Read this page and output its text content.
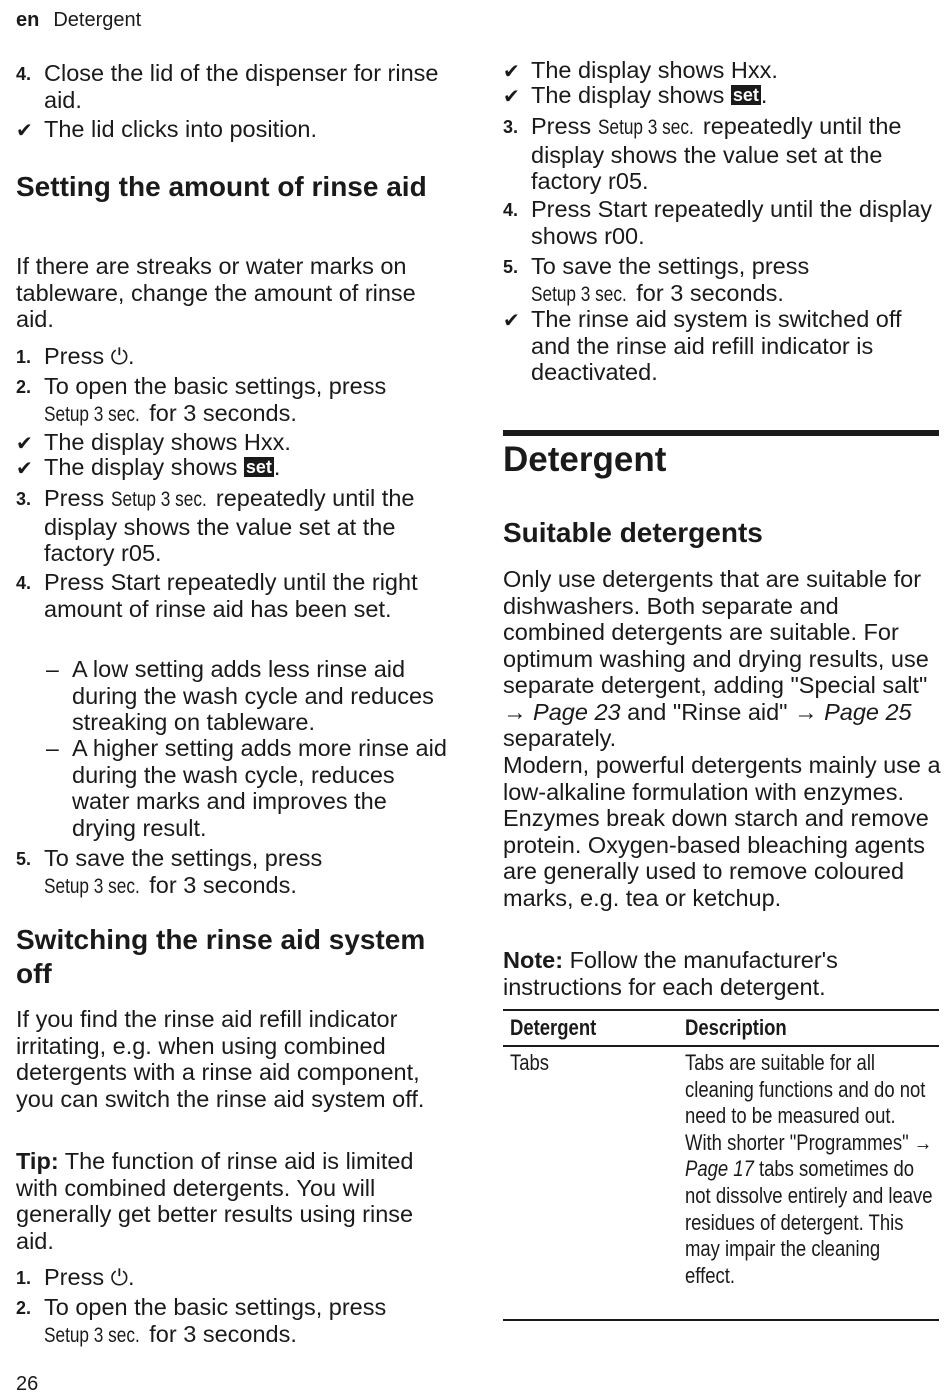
en Detergent
4. Close the lid of the dispenser for rinse aid.

✔ The lid clicks into position.

Setting the amount of rinse aid

If there are streaks or water marks on tableware, change the amount of rinse aid.

1. Press ⏻.

2. To open the basic settings, press
Setup 3 sec. for 3 seconds.

✔ The display shows Hxx.

✔ The display shows set.

3. Press Setup 3 sec. repeatedly until the display shows the value set at the factory r05.

4. Press Start repeatedly until the right amount of rinse aid has been set.

– A low setting adds less rinse aid during the wash cycle and reduces streaking on tableware.

– A higher setting adds more rinse aid during the wash cycle, reduces water marks and improves the drying result.

5. To save the settings, press
Setup 3 sec. for 3 seconds.

Switching the rinse aid system off

If you find the rinse aid refill indicator irritating, e.g. when using combined detergents with a rinse aid component, you can switch the rinse aid system off.

Tip: The function of rinse aid is limited with combined detergents. You will generally get better results using rinse aid.

1. Press ⏻.

2. To open the basic settings, press
Setup 3 sec. for 3 seconds.

✔ The display shows Hxx.

✔ The display shows set.

3. Press Setup 3 sec. repeatedly until the display shows the value set at the factory r05.

4. Press Start repeatedly until the display shows r00.

5. To save the settings, press
Setup 3 sec. for 3 seconds.

✔ The rinse aid system is switched off and the rinse aid refill indicator is deactivated.

Detergent
Suitable detergents

Only use detergents that are suitable for dishwashers. Both separate and combined detergents are suitable. For optimum washing and drying results, use separate detergent, adding "Special salt" → Page 23 and "Rinse aid" → Page 25 separately.

Modern, powerful detergents mainly use a low-alkaline formulation with enzymes. Enzymes break down starch and remove protein. Oxygen-based bleaching agents are generally used to remove coloured marks, e.g. tea or ketchup.

Note: Follow the manufacturer's instructions for each detergent.

Detergent	Description
Tabs	Tabs are suitable for all cleaning functions and do not need to be measured out.
With shorter "Programmes" → Page 17 tabs sometimes do not dissolve entirely and leave residues of detergent. This may impair the cleaning effect.
26
